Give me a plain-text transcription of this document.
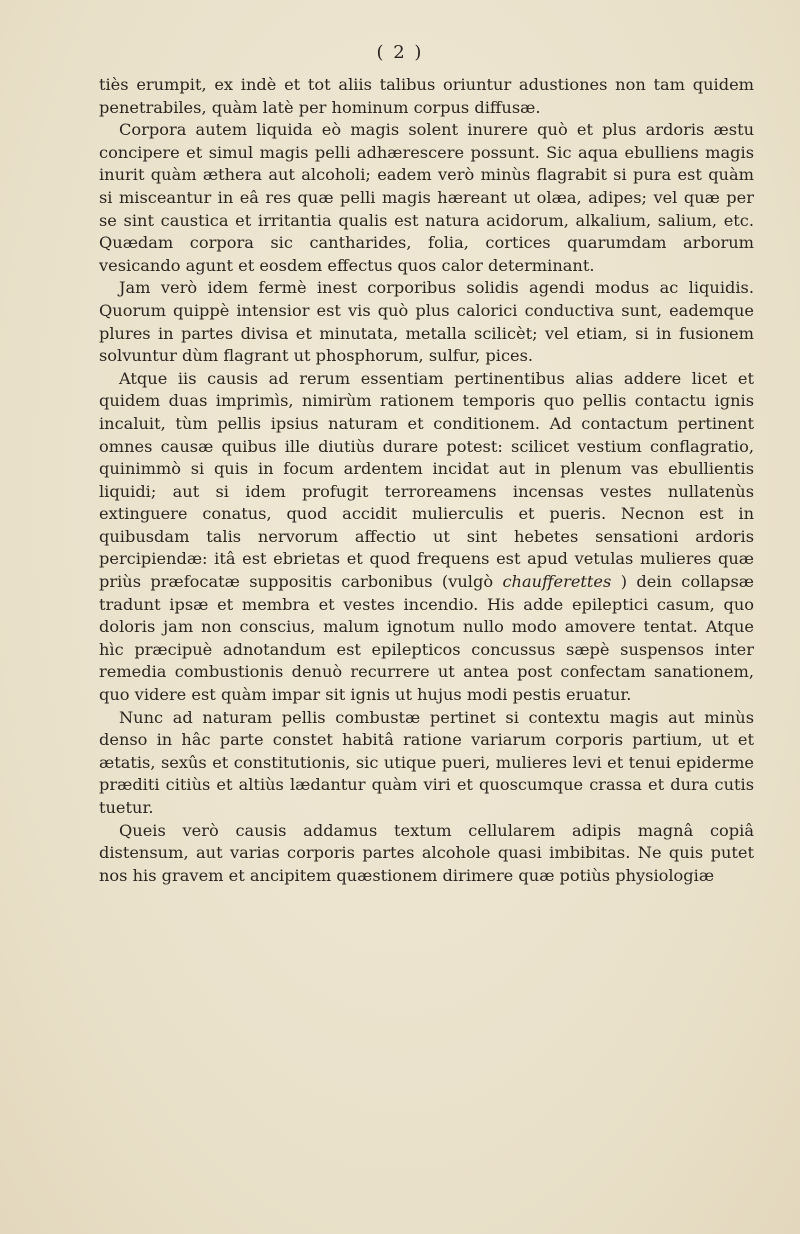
( 2 )

tiès erumpit, ex indè et tot aliis talibus oriuntur adustiones non tam quidem penetrabiles, quàm latè per hominum corpus diffusæ.

Corpora autem liquida eò magis solent inurere quò et plus ardoris æstu concipere et simul magis pelli adhærescere possunt. Sic aqua ebulliens magis inurit quàm æthera aut alcoholi; eadem verò minùs flagrabit si pura est quàm si misceantur in eâ res quæ pelli magis hæreant ut olæa, adipes; vel quæ per se sint caustica et irritantia qualis est natura acidorum, alkalium, salium, etc. Quædam corpora sic cantharides, folia, cortices quarumdam arborum vesicando agunt et eosdem effectus quos calor determinant.

Jam verò idem fermè inest corporibus solidis agendi modus ac liquidis. Quorum quippè intensior est vis quò plus calorici conductiva sunt, eademque plures in partes divisa et minutata, metalla scilicèt; vel etiam, si in fusionem solvuntur dùm flagrant ut phosphorum, sulfur, pices.

Atque iis causis ad rerum essentiam pertinentibus alias addere licet et quidem duas imprimìs, nimirùm rationem temporis quo pellis contactu ignis incaluit, tùm pellis ipsius naturam et conditionem. Ad contactum pertinent omnes causæ quibus ille diutiùs durare potest: scilicet vestium conflagratio, quinimmò si quis in focum ardentem incidat aut in plenum vas ebullientis liquidi; aut si idem profugit terroreamens incensas vestes nullatenùs extinguere conatus, quod accidit mulierculis et pueris. Necnon est in quibusdam talis nervorum affectio ut sint hebetes sensationi ardoris percipiendæ: itâ est ebrietas et quod frequens est apud vetulas mulieres quæ priùs præfocatæ suppositis carbonibus (vulgò chaufferettes ) dein collapsæ tradunt ipsæ et membra et vestes incendio. His adde epileptici casum, quo doloris jam non conscius, malum ignotum nullo modo amovere tentat. Atque hìc præcipuè adnotandum est epilepticos concussus sæpè suspensos inter remedia combustionis denuò recurrere ut antea post confectam sanationem, quo videre est quàm impar sit ignis ut hujus modi pestis eruatur.

Nunc ad naturam pellis combustæ pertinet si contextu magis aut minùs denso in hâc parte constet habitâ ratione variarum corporis partium, ut et ætatis, sexûs et constitutionis, sic utique pueri, mulieres levi et tenui epiderme præditi citiùs et altiùs lædantur quàm viri et quoscumque crassa et dura cutis tuetur.

Queis verò causis addamus textum cellularem adipis magnâ copiâ distensum, aut varias corporis partes alcohole quasi imbibitas. Ne quis putet nos his gravem et ancipitem quæstionem dirimere quæ potiùs physiologiæ
